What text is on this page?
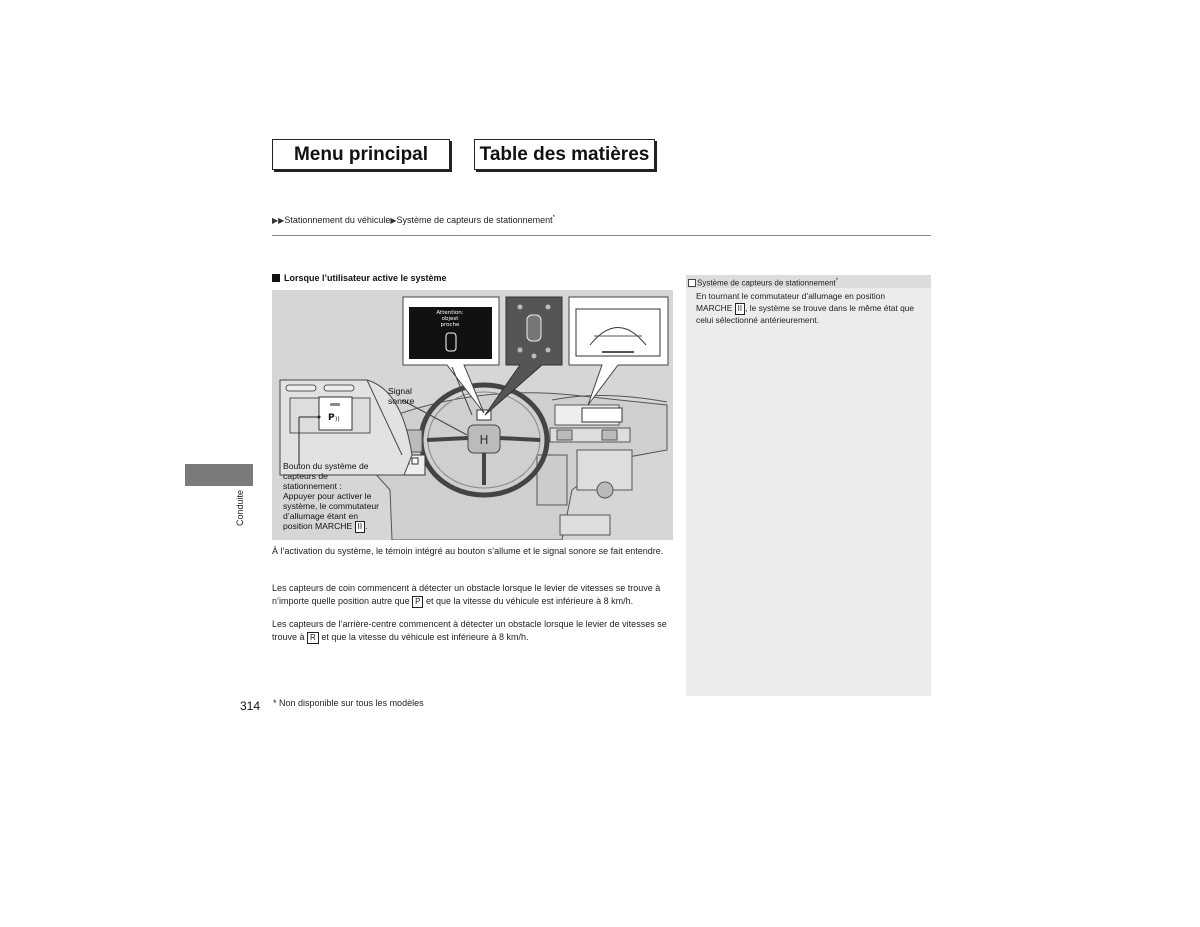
Menu principal	Table des matières
▶▶Stationnement du véhicule▶Système de capteurs de stationnement*
Lorsque l’utilisateur active le système
H
P ))
Attention:
objest
proche
Signal
sonore
Bouton du système de
capteurs de
stationnement :
Appuyer pour activer le
système, le commutateur
d’allumage étant en
position MARCHE II .
À l’activation du système, le témoin intégré au bouton s’allume et le signal sonore se fait entendre.
Les capteurs de coin commencent à détecter un obstacle lorsque le levier de vitesses se trouve à n’importe quelle position autre que P et que la vitesse du véhicule est inférieure à 8 km/h.
Les capteurs de l’arrière-centre commencent à détecter un obstacle lorsque le levier de vitesses se trouve à R et que la vitesse du véhicule est inférieure à 8 km/h.
Système de capteurs de stationnement*
En tournant le commutateur d’allumage en position MARCHE II , le système se trouve dans le même état que celui sélectionné antérieurement.
Conduite
314 * Non disponible sur tous les modèles
